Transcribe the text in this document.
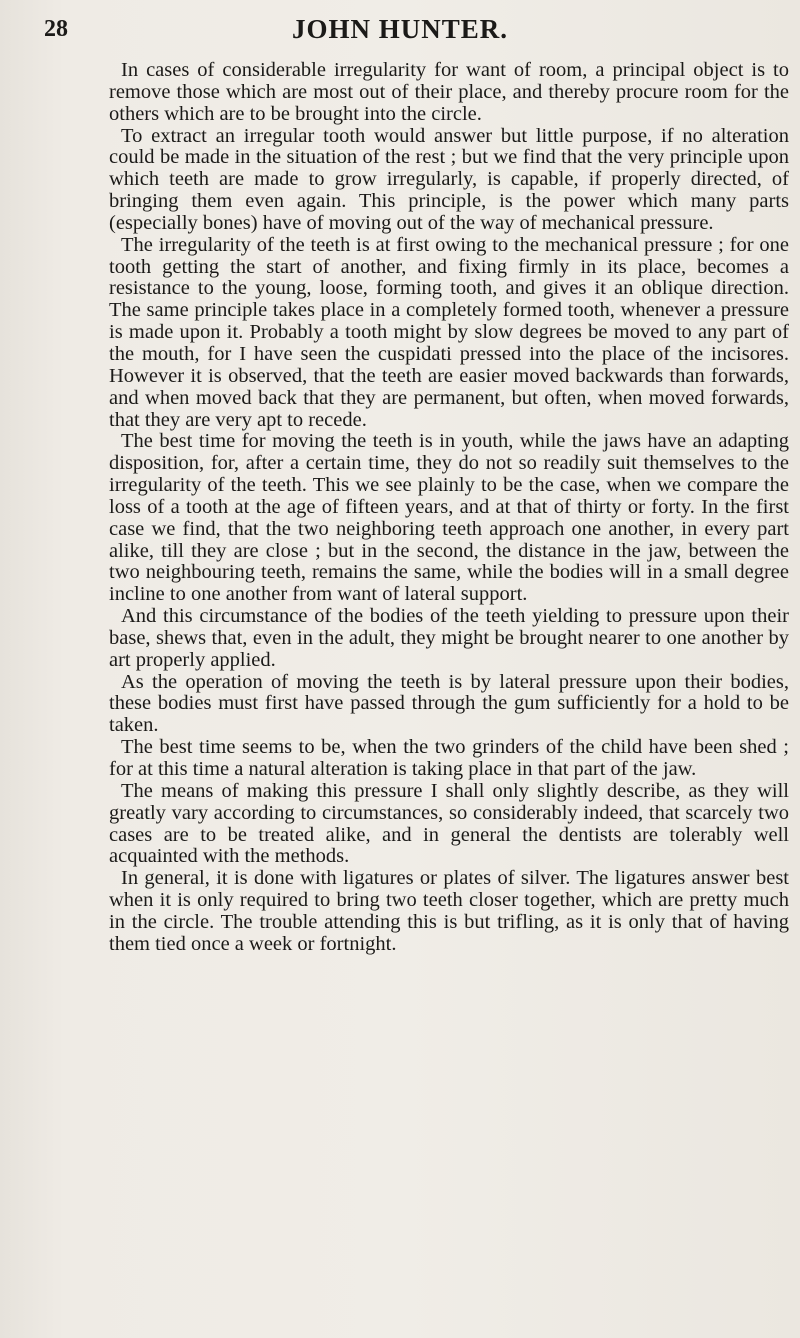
28	JOHN HUNTER.

In cases of considerable irregularity for want of room, a principal object is to remove those which are most out of their place, and thereby procure room for the others which are to be brought into the circle.

To extract an irregular tooth would answer but little purpose, if no alteration could be made in the situation of the rest ; but we find that the very principle upon which teeth are made to grow irregularly, is capable, if properly directed, of bringing them even again. This principle, is the power which many parts (especially bones) have of moving out of the way of mechanical pressure.

The irregularity of the teeth is at first owing to the mechanical pressure ; for one tooth getting the start of another, and fixing firmly in its place, becomes a resistance to the young, loose, forming tooth, and gives it an oblique direction. The same principle takes place in a completely formed tooth, whenever a pressure is made upon it. Probably a tooth might by slow degrees be moved to any part of the mouth, for I have seen the cuspidati pressed into the place of the incisores. However it is observed, that the teeth are easier moved backwards than forwards, and when moved back that they are permanent, but often, when moved forwards, that they are very apt to recede.

The best time for moving the teeth is in youth, while the jaws have an adapting disposition, for, after a certain time, they do not so readily suit themselves to the irregularity of the teeth. This we see plainly to be the case, when we compare the loss of a tooth at the age of fifteen years, and at that of thirty or forty. In the first case we find, that the two neighboring teeth approach one another, in every part alike, till they are close ; but in the second, the distance in the jaw, between the two neighbouring teeth, remains the same, while the bodies will in a small degree incline to one another from want of lateral support.

And this circumstance of the bodies of the teeth yielding to pressure upon their base, shews that, even in the adult, they might be brought nearer to one another by art properly applied.

As the operation of moving the teeth is by lateral pressure upon their bodies, these bodies must first have passed through the gum sufficiently for a hold to be taken.

The best time seems to be, when the two grinders of the child have been shed ; for at this time a natural alteration is taking place in that part of the jaw.

The means of making this pressure I shall only slightly describe, as they will greatly vary according to circumstances, so considerably indeed, that scarcely two cases are to be treated alike, and in general the dentists are tolerably well acquainted with the methods.

In general, it is done with ligatures or plates of silver. The ligatures answer best when it is only required to bring two teeth closer together, which are pretty much in the circle. The trouble attending this is but trifling, as it is only that of having them tied once a week or fortnight.
